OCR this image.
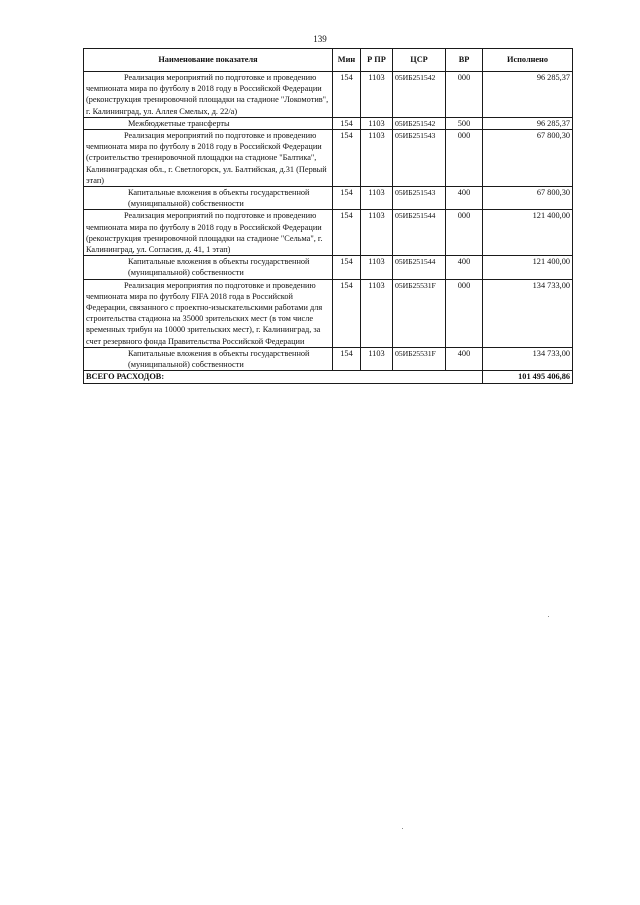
139
Наименование показателя	Мин	Р ПР	ЦСР	ВР	Исполнено
Реализация мероприятий по подготовке и проведению чемпионата мира по футболу в 2018 году в Российской Федерации (реконструкция тренировочной площадки на стадионе "Локомотив", г. Калининград, ул. Аллея Смелых, д. 22/а)	154	1103	05ИБ251542	000	96 285,37
Межбюджетные трансферты	154	1103	05ИБ251542	500	96 285,37
Реализация мероприятий по подготовке и проведению чемпионата мира по футболу в 2018 году в Российской Федерации (строительство тренировочной площадки на стадионе "Балтика", Калининградская обл., г. Светлогорск, ул. Балтийская, д.31 (Первый этап)	154	1103	05ИБ251543	000	67 800,30
Капитальные вложения в объекты государственной (муниципальной) собственности	154	1103	05ИБ251543	400	67 800,30
Реализация мероприятий по подготовке и проведению чемпионата мира по футболу в 2018 году в Российской Федерации (реконструкция тренировочной площадки на стадионе "Сельма", г. Калининград, ул. Согласия, д. 41, 1 этап)	154	1103	05ИБ251544	000	121 400,00
Капитальные вложения в объекты государственной (муниципальной) собственности	154	1103	05ИБ251544	400	121 400,00
Реализация мероприятия по подготовке и проведению чемпионата мира по футболу FIFA 2018 года в Российской Федерации, связанного с проектно-изыскательскими работами для строительства стадиона на 35000 зрительских мест (в том числе временных трибун на 10000 зрительских мест), г. Калининград, за счет резервного фонда Правительства Российской Федерации	154	1103	05ИБ25531F	000	134 733,00
Капитальные вложения в объекты государственной (муниципальной) собственности	154	1103	05ИБ25531F	400	134 733,00
ВСЕГО РАСХОДОВ:					101 495 406,86
